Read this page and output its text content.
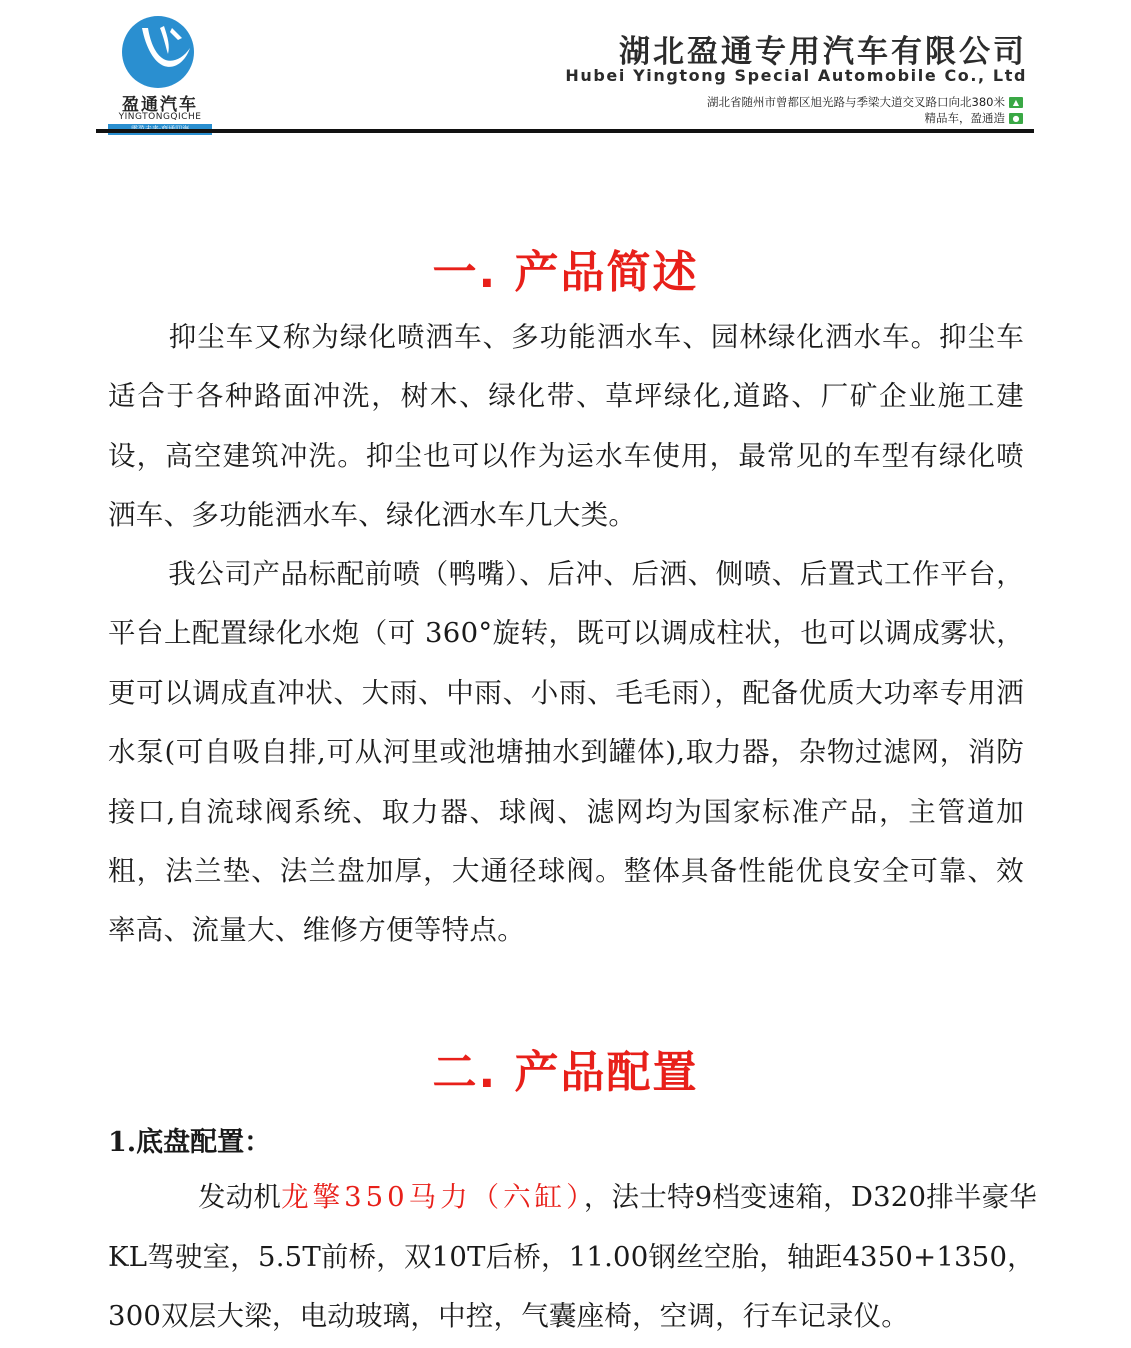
盈通汽车
YINGTONGQICHE
湖北盈通专用汽车有限公司
Hubei Yingtong Special Automobile Co., Ltd
湖北省随州市曾都区旭光路与季梁大道交叉路口向北380米 ▲
精品车，盈通造 ●
一. 产品简述
抑尘车又称为绿化喷洒车、多功能洒水车、园林绿化洒水车。抑尘车适合于各种路面冲洗，树木、绿化带、草坪绿化,道路、厂矿企业施工建设，高空建筑冲洗。抑尘也可以作为运水车使用，最常见的车型有绿化喷洒车、多功能洒水车、绿化洒水车几大类。
我公司产品标配前喷（鸭嘴）、后冲、后洒、侧喷、后置式工作平台，平台上配置绿化水炮（可 360°旋转，既可以调成柱状，也可以调成雾状，更可以调成直冲状、大雨、中雨、小雨、毛毛雨），配备优质大功率专用洒水泵(可自吸自排,可从河里或池塘抽水到罐体),取力器，杂物过滤网，消防接口,自流球阀系统、取力器、球阀、滤网均为国家标准产品，主管道加粗，法兰垫、法兰盘加厚，大通径球阀。整体具备性能优良安全可靠、效率高、流量大、维修方便等特点。
二. 产品配置
1.底盘配置：
发动机龙擎350马力（六缸），法士特9档变速箱，D320排半豪华KL驾驶室，5.5T前桥，双10T后桥，11.00钢丝空胎，轴距4350+1350，300双层大梁，电动玻璃，中控，气囊座椅，空调，行车记录仪。
